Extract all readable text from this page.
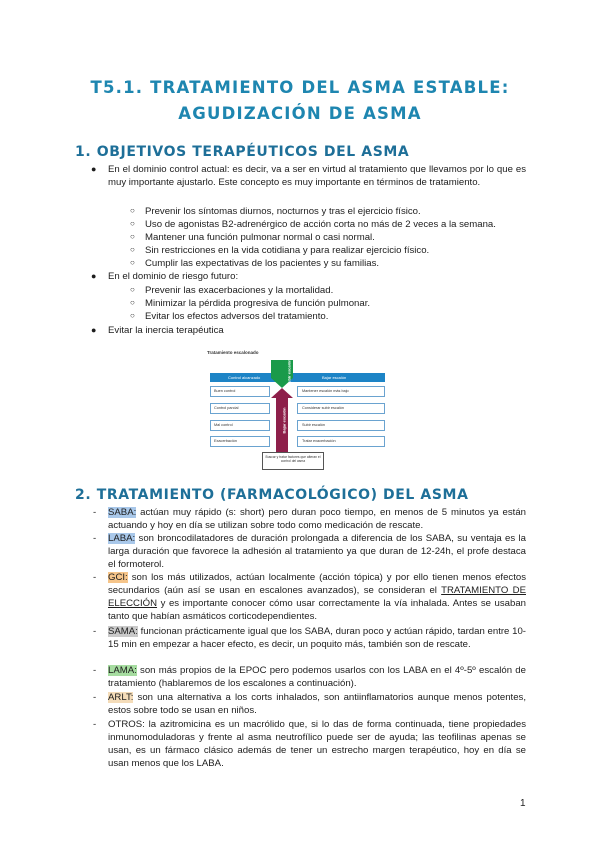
T5.1. TRATAMIENTO DEL ASMA ESTABLE:
AGUDIZACIÓN DE ASMA
1. OBJETIVOS TERAPÉUTICOS DEL ASMA
● En el dominio control actual: es decir, va a ser en virtud al tratamiento que llevamos por lo que es muy importante ajustarlo. Este concepto es muy importante en términos de tratamiento.
○ Prevenir los síntomas diurnos, nocturnos y tras el ejercicio físico.
○ Uso de agonistas B2-adrenérgico de acción corta no más de 2 veces a la semana.
○ Mantener una función pulmonar normal o casi normal.
○ Sin restricciones en la vida cotidiana y para realizar ejercicio físico.
○ Cumplir las expectativas de los pacientes y su familias.
● En el dominio de riesgo futuro:
○ Prevenir las exacerbaciones y la mortalidad.
○ Minimizar la pérdida progresiva de función pulmonar.
○ Evitar los efectos adversos del tratamiento.
● Evitar la inercia terapéutica
Tratamiento escalonado
Control alcanzado	Bajar escalón
Buen control	Mantener escalón más bajo
Control parcial	Considerar subir escalón
Mal control	Subir escalón
Exacerbación	Tratar exacerbación
Subir escalón
Bajar escalón
Buscar y tratar factores que alteran el control del asma
2. TRATAMIENTO (FARMACOLÓGICO) DEL ASMA
- SABA: actúan muy rápido (s: short) pero duran poco tiempo, en menos de 5 minutos ya están actuando y hoy en día se utilizan sobre todo como medicación de rescate.
- LABA: son broncodilatadores de duración prolongada a diferencia de los SABA, su ventaja es la larga duración que favorece la adhesión al tratamiento ya que duran de 12-24h, el profe destaca el formoterol.
- GCI: son los más utilizados, actúan localmente (acción tópica) y por ello tienen menos efectos secundarios (aún así se usan en escalones avanzados), se consideran el TRATAMIENTO DE ELECCIÓN y es importante conocer cómo usar correctamente la vía inhalada. Antes se usaban tanto que habían asmáticos corticodependientes.
- SAMA: funcionan prácticamente igual que los SABA, duran poco y actúan rápido, tardan entre 10-15 min en empezar a hacer efecto, es decir, un poquito más, también son de rescate.
- LAMA: son más propios de la EPOC pero podemos usarlos con los LABA en el 4º-5º escalón de tratamiento (hablaremos de los escalones a continuación).
- ARLT: son una alternativa a los corts inhalados, son antiinflamatorios aunque menos potentes, estos sobre todo se usan en niños.
- OTROS: la azitromicina es un macrólido que, si lo das de forma continuada, tiene propiedades inmunomoduladoras y frente al asma neutrofílico puede ser de ayuda; las teofilinas apenas se usan, es un fármaco clásico además de tener un estrecho margen terapéutico, hoy en día se usan menos que los LABA.
1
